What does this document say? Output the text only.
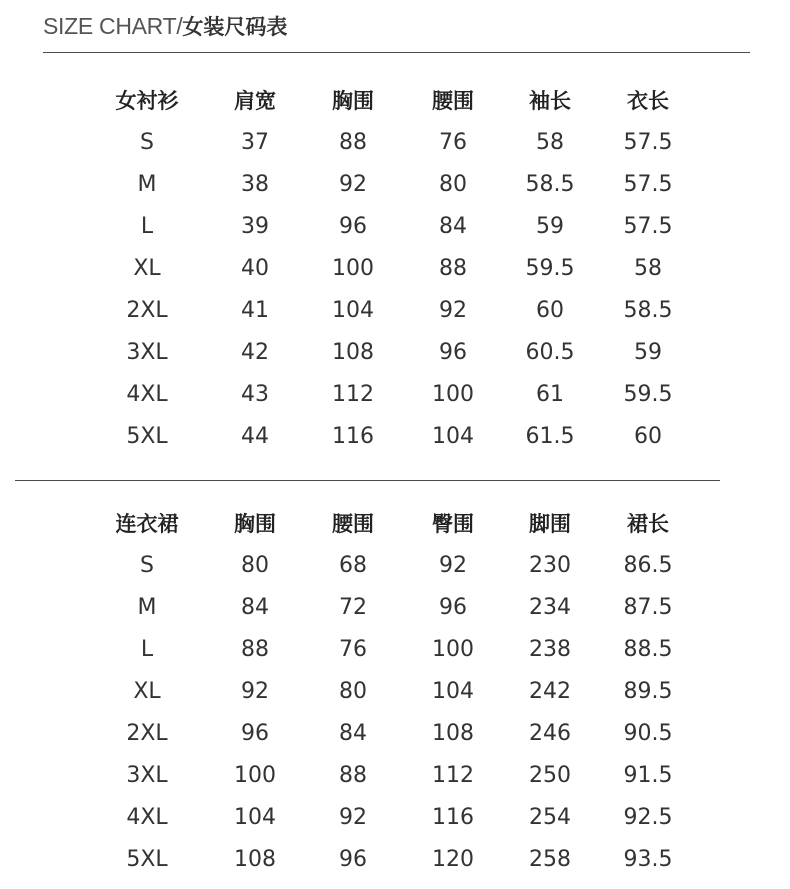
SIZE CHART/女装尺码表
女衬衫	肩宽	胸围	腰围	袖长	衣长
S	37	88	76	58	57.5
M	38	92	80	58.5	57.5
L	39	96	84	59	57.5
XL	40	100	88	59.5	58
2XL	41	104	92	60	58.5
3XL	42	108	96	60.5	59
4XL	43	112	100	61	59.5
5XL	44	116	104	61.5	60
连衣裙	胸围	腰围	臀围	脚围	裙长
S	80	68	92	230	86.5
M	84	72	96	234	87.5
L	88	76	100	238	88.5
XL	92	80	104	242	89.5
2XL	96	84	108	246	90.5
3XL	100	88	112	250	91.5
4XL	104	92	116	254	92.5
5XL	108	96	120	258	93.5
